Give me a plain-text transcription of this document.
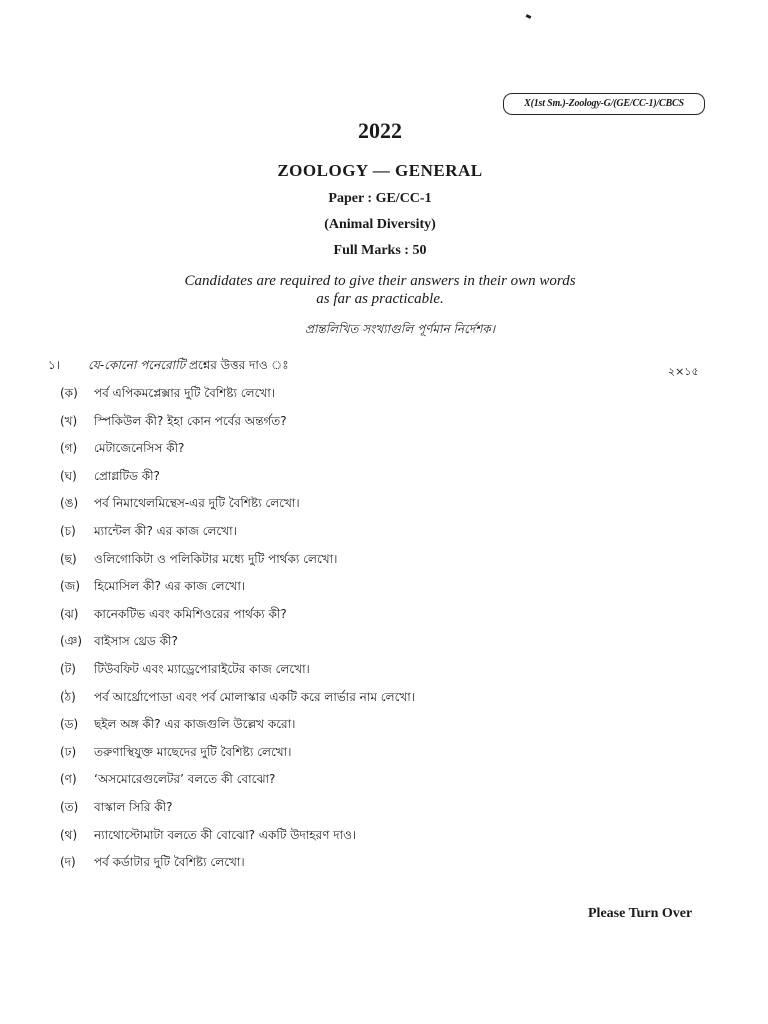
X(1st Sm.)-Zoology-G/(GE/CC-1)/CBCS
2022
ZOOLOGY — GENERAL
Paper : GE/CC-1
(Animal Diversity)
Full Marks : 50
Candidates are required to give their answers in their own words
as far as practicable.
প্রান্তলিখিত সংখ্যাগুলি পূর্ণমান নির্দেশক।
১। যে-কোনো পনেরোটি প্রশ্নের উত্তর দাও ঃ	২×১৫
(ক) পর্ব এপিকমপ্লেক্সার দুটি বৈশিষ্ট্য লেখো।
(খ) স্পিকিউল কী? ইহা কোন পর্বের অন্তর্গত?
(গ) মেটাজেনেসিস কী?
(ঘ) প্রোগ্লটিড কী?
(ঙ) পর্ব নিমাথেলমিন্থেস-এর দুটি বৈশিষ্ট্য লেখো।
(চ) ম্যান্টেল কী? এর কাজ লেখো।
(ছ) ওলিগোকিটা ও পলিকিটার মধ্যে দুটি পার্থক্য লেখো।
(জ) হিমোসিল কী? এর কাজ লেখো।
(ঝ) কানেকটিভ এবং কমিশিওরের পার্থক্য কী?
(ঞ) বাইসাস থ্রেড কী?
(ট) টিউবফিট এবং ম্যাড্রেপোরাইটের কাজ লেখো।
(ঠ) পর্ব আর্থ্রোপোডা এবং পর্ব মোলাস্কার একটি করে লার্ভার নাম লেখো।
(ড) ছইল অঙ্গ কী? এর কাজগুলি উল্লেখ করো।
(ঢ) তরুণাস্থিযুক্ত মাছেদের দুটি বৈশিষ্ট্য লেখো।
(ণ) ‘অসমোরেগুলেটর’ বলতে কী বোঝো?
(ত) বাস্কাল সিরি কী?
(থ) ন্যাথোস্টোমাটা বলতে কী বোঝো? একটি উদাহরণ দাও।
(দ) পর্ব কর্ডাটার দুটি বৈশিষ্ট্য লেখো।
Please Turn Over
